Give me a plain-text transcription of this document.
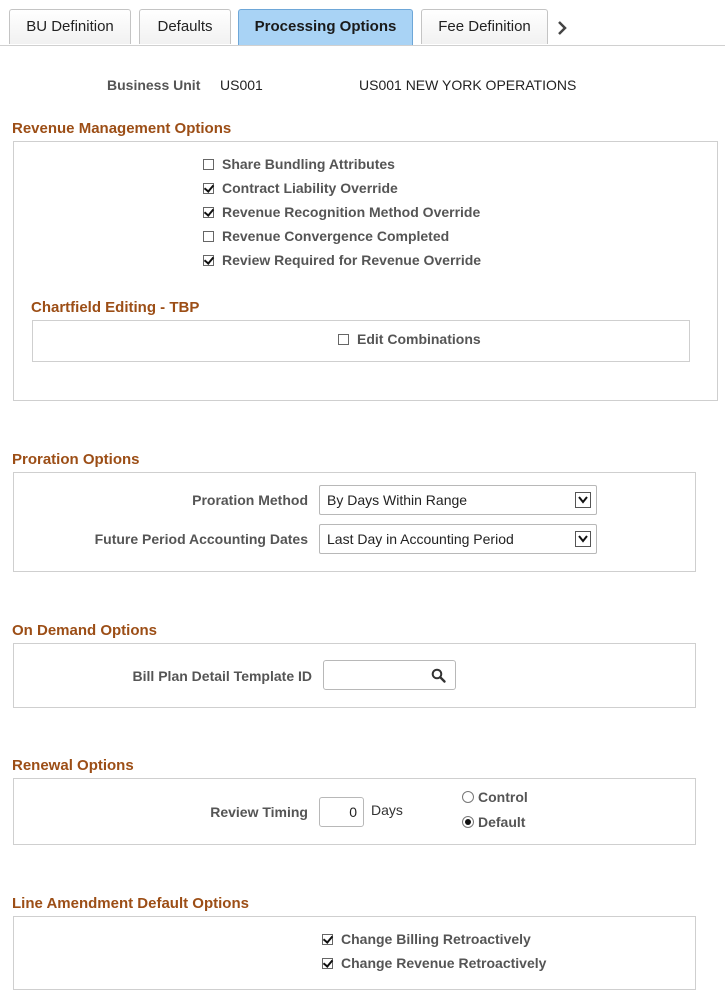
BU Definition	Defaults	Processing Options	Fee Definition
Business Unit US001	US001 NEW YORK OPERATIONS
Revenue Management Options
Share Bundling Attributes
Contract Liability Override
Revenue Recognition Method Override
Revenue Convergence Completed
Review Required for Revenue Override
Chartfield Editing - TBP
Edit Combinations
Proration Options
Proration Method	By Days Within Range
Future Period Accounting Dates	Last Day in Accounting Period
On Demand Options
Bill Plan Detail Template ID
Renewal Options
Review Timing	0	Days
Control
Default
Line Amendment Default Options
Change Billing Retroactively
Change Revenue Retroactively
